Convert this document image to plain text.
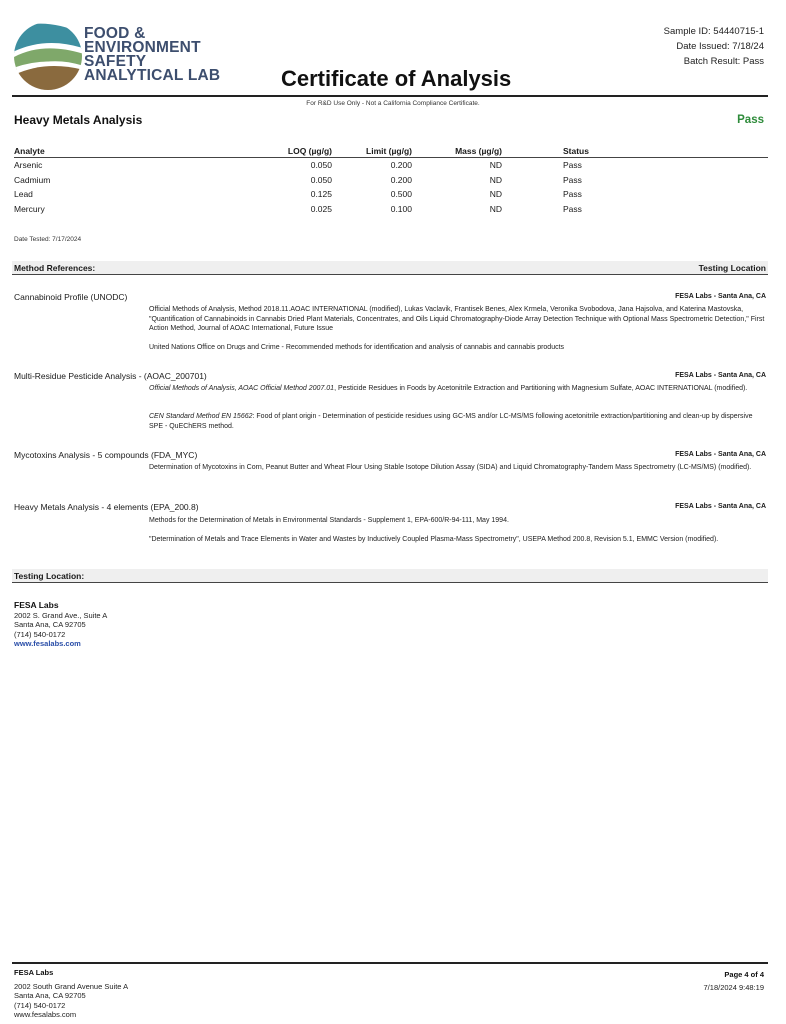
FOOD &
ENVIRONMENT
SAFETY
ANALYTICAL LAB	Certificate of Analysis
Sample ID: 54440715-1
Date Issued: 7/18/24
Batch Result: Pass
For R&D Use Only - Not a California Compliance Certificate.
Heavy Metals Analysis	Pass
Analyte	LOQ (µg/g)	Limit (µg/g)	Mass (µg/g)	Status
Arsenic	0.050	0.200	ND	Pass
Cadmium	0.050	0.200	ND	Pass
Lead	0.125	0.500	ND	Pass
Mercury	0.025	0.100	ND	Pass
Date Tested: 7/17/2024
Method References:	Testing Location
Cannabinoid Profile (UNODC)	FESA Labs - Santa Ana, CA
Official Methods of Analysis, Method 2018.11.AOAC INTERNATIONAL (modified), Lukas Vaclavik, Frantisek Benes, Alex Krmela, Veronika Svobodova, Jana Hajsolva, and Katerina Mastovska, "Quantification of Cannabinoids in Cannabis Dried Plant Materials, Concentrates, and Oils Liquid Chromatography-Diode Array Detection Technique with Optional Mass Spectrometric Detection," First Action Method, Journal of AOAC International, Future Issue
United Nations Office on Drugs and Crime - Recommended methods for identification and analysis of cannabis and cannabis products
Multi-Residue Pesticide Analysis - (AOAC_200701)	FESA Labs - Santa Ana, CA
Official Methods of Analysis, AOAC Official Method 2007.01, Pesticide Residues in Foods by Acetonitrile Extraction and Partitioning with Magnesium Sulfate, AOAC INTERNATIONAL (modified).
CEN Standard Method EN 15662: Food of plant origin - Determination of pesticide residues using GC-MS and/or LC-MS/MS following acetonitrile extraction/partitioning and clean-up by dispersive SPE - QuEChERS method.
Mycotoxins Analysis - 5 compounds (FDA_MYC)	FESA Labs - Santa Ana, CA
Determination of Mycotoxins in Corn, Peanut Butter and Wheat Flour Using Stable Isotope Dilution Assay (SIDA) and Liquid Chromatography-Tandem Mass Spectrometry (LC-MS/MS) (modified).
Heavy Metals Analysis - 4 elements (EPA_200.8)	FESA Labs - Santa Ana, CA
Methods for the Determination of Metals in Environmental Standards - Supplement 1, EPA-600/R-94-111, May 1994.
"Determination of Metals and Trace Elements in Water and Wastes by Inductively Coupled Plasma-Mass Spectrometry", USEPA Method 200.8, Revision 5.1, EMMC Version (modified).
Testing Location:
FESA Labs
2002 S. Grand Ave., Suite A
Santa Ana, CA 92705
(714) 540-0172
www.fesalabs.com
FESA Labs
2002 South Grand Avenue Suite A
Santa Ana, CA 92705
(714) 540-0172
www.fesalabs.com
Page 4 of 4
7/18/2024 9:48:19
